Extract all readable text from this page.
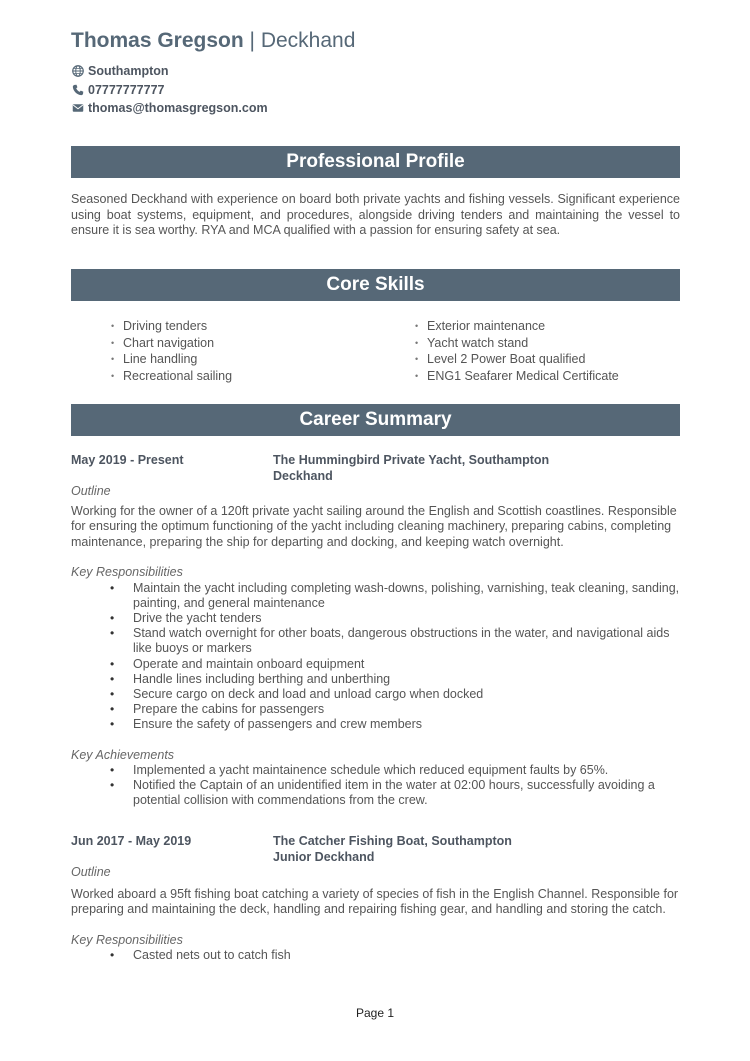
Thomas Gregson | Deckhand
Southampton
07777777777
thomas@thomasgregson.com
Professional Profile
Seasoned Deckhand with experience on board both private yachts and fishing vessels. Significant experience using boat systems, equipment, and procedures, alongside driving tenders and maintaining the vessel to ensure it is sea worthy. RYA and MCA qualified with a passion for ensuring safety at sea.
Core Skills
• Driving tenders
• Chart navigation
• Line handling
• Recreational sailing
• Exterior maintenance
• Yacht watch stand
• Level 2 Power Boat qualified
• ENG1 Seafarer Medical Certificate
Career Summary
May 2019 - Present	The Hummingbird Private Yacht, Southampton
Deckhand
Outline
Working for the owner of a 120ft private yacht sailing around the English and Scottish coastlines. Responsible for ensuring the optimum functioning of the yacht including cleaning machinery, preparing cabins, completing maintenance, preparing the ship for departing and docking, and keeping watch overnight.
Key Responsibilities
• Maintain the yacht including completing wash-downs, polishing, varnishing, teak cleaning, sanding, painting, and general maintenance
• Drive the yacht tenders
• Stand watch overnight for other boats, dangerous obstructions in the water, and navigational aids like buoys or markers
• Operate and maintain onboard equipment
• Handle lines including berthing and unberthing
• Secure cargo on deck and load and unload cargo when docked
• Prepare the cabins for passengers
• Ensure the safety of passengers and crew members
Key Achievements
• Implemented a yacht maintainence schedule which reduced equipment faults by 65%.
• Notified the Captain of an unidentified item in the water at 02:00 hours, successfully avoiding a potential collision with commendations from the crew.
Jun 2017 - May 2019	The Catcher Fishing Boat, Southampton
Junior Deckhand
Outline
Worked aboard a 95ft fishing boat catching a variety of species of fish in the English Channel. Responsible for preparing and maintaining the deck, handling and repairing fishing gear, and handling and storing the catch.
Key Responsibilities
• Casted nets out to catch fish
Page 1
